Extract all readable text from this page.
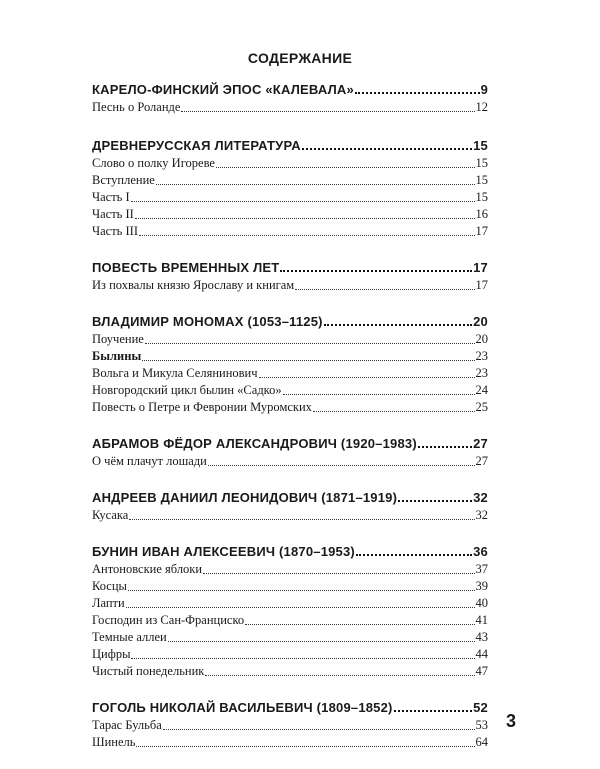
СОДЕРЖАНИЕ
КАРЕЛО-ФИНСКИЙ ЭПОС «КАЛЕВАЛА»	9
Песнь о Роланде	12
ДРЕВНЕРУССКАЯ ЛИТЕРАТУРА	15
Слово о полку Игореве	15
Вступление	15
Часть I	15
Часть II	16
Часть III	17
ПОВЕСТЬ ВРЕМЕННЫХ ЛЕТ	17
Из похвалы князю Ярославу и книгам	17
ВЛАДИМИР МОНОМАХ (1053–1125)	20
Поучение	20
Былины	23
Вольга и Микула Селянинович	23
Новгородский цикл былин «Садко»	24
Повесть о Петре и Февронии Муромских	25
АБРАМОВ ФЁДОР АЛЕКСАНДРОВИЧ (1920–1983)	27
О чём плачут лошади	27
АНДРЕЕВ ДАНИИЛ ЛЕОНИДОВИЧ (1871–1919)	32
Кусака	32
БУНИН ИВАН АЛЕКСЕЕВИЧ (1870–1953)	36
Антоновские яблоки	37
Косцы	39
Лапти	40
Господин из Сан-Франциско	41
Темные аллеи	43
Цифры	44
Чистый понедельник	47
ГОГОЛЬ НИКОЛАЙ ВАСИЛЬЕВИЧ (1809–1852)	52
Тарас Бульба	53
Шинель	64
3
